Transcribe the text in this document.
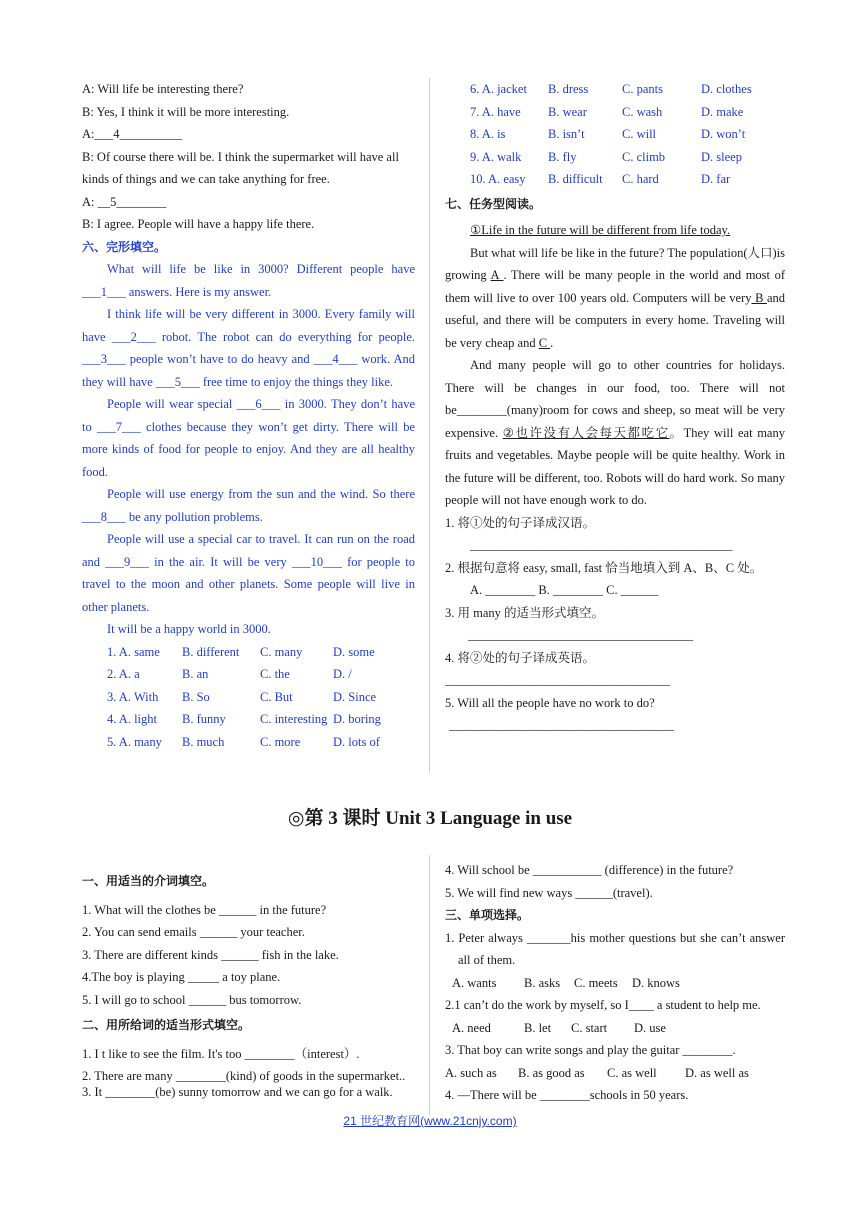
A: Will life be interesting there?
B: Yes, I think it will be more interesting.
A:___4__________
B: Of course there will be. I think the supermarket will have all
kinds of things and we can take anything for free.
A: __5________
B: I agree. People will have a happy life there.
六、完形填空。
What will life be like in 3000? Different people have ___1___ answers. Here is my answer.
I think life will be very different in 3000. Every family will have ___2___ robot. The robot can do everything for people. ___3___ people won’t have to do heavy and ___4___ work. And they will have ___5___ free time to enjoy the things they like.
People will wear special ___6___ in 3000. They don’t have to ___7___ clothes because they won’t get dirty. There will be more kinds of food for people to enjoy. And they are all healthy food.
People will use energy from the sun and the wind. So there ___8___ be any pollution problems.
People will use a special car to travel. It can run on the road and ___9___ in the air. It will be very ___10___ for people to travel to the moon and other planets. Some people will live in other planets.
It will be a happy world in 3000.
1. A. same	B. different	C. many	D. some
2. A. a	B. an	C. the	D. /
3. A. With	B. So	C. But	D. Since
4. A. light	B. funny	C. interesting D. boring
5. A. many	B. much	C. more	D. lots of
6. A. jacket	B. dress	C. pants	D. clothes
7. A. have	B. wear	C. wash	D. make
8. A. is	B. isn’t	C. will	D. won’t
9. A. walk	B. fly	C. climb	D. sleep
10. A. easy	B. difficult	C. hard	D. far
七、任务型阅读。
①Life in the future will be different from life today.
But what will life be like in the future? The population(人口)is growing A . There will be many people in the world and most of them will live to over 100 years old. Computers will be very B and useful, and there will be computers in every home. Traveling will be very cheap and C .
And many people will go to other countries for holidays. There will be changes in our food, too. There will not be________(many)room for cows and sheep, so meat will be very expensive. ②也许没有人会每天都吃它。They will eat many fruits and vegetables. Maybe people will be quite healthy. Work in the future will be different, too. Robots will do hard work. So many people will not have enough work to do.
1. 将①处的句子译成汉语。
__________________________________________
2. 根据句意将 easy, small, fast 恰当地填入到 A、B、C 处。
A. ________ B. ________ C. ______
3. 用 many 的适当形式填空。
____________________________________
4. 将②处的句子译成英语。
____________________________________
5. Will all the people have no work to do?
____________________________________
◎第 3 课时 Unit 3 Language in use
一、用适当的介词填空。
1. What will the clothes be ______ in the future?
2. You can send emails ______ your teacher.
3. There are different kinds ______ fish in the lake.
4.The boy is playing _____ a toy plane.
5. I will go to school ______ bus tomorrow.
二、用所给词的适当形式填空。
1. I t like to see the film. It's too ________（interest）.
2. There are many ________(kind) of goods in the supermarket..
3. It ________(be) sunny tomorrow and we can go for a walk.
4. Will school be ___________ (difference) in the future?
5. We will find new ways ______(travel).
三、单项选择。
1. Peter always _______his mother questions but she can’t answer all of them.
A. wants	B. asks	C. meets	D. knows
2.1 can’t do the work by myself, so I____ a student to help me.
A. need	B. let	C. start	D. use
3. That boy can write songs and play the guitar ________.
A. such as	B. as good as	C. as well	D. as well as
4. —There will be ________schools in 50 years.
21 世纪教育网(www.21cnjy.com)
